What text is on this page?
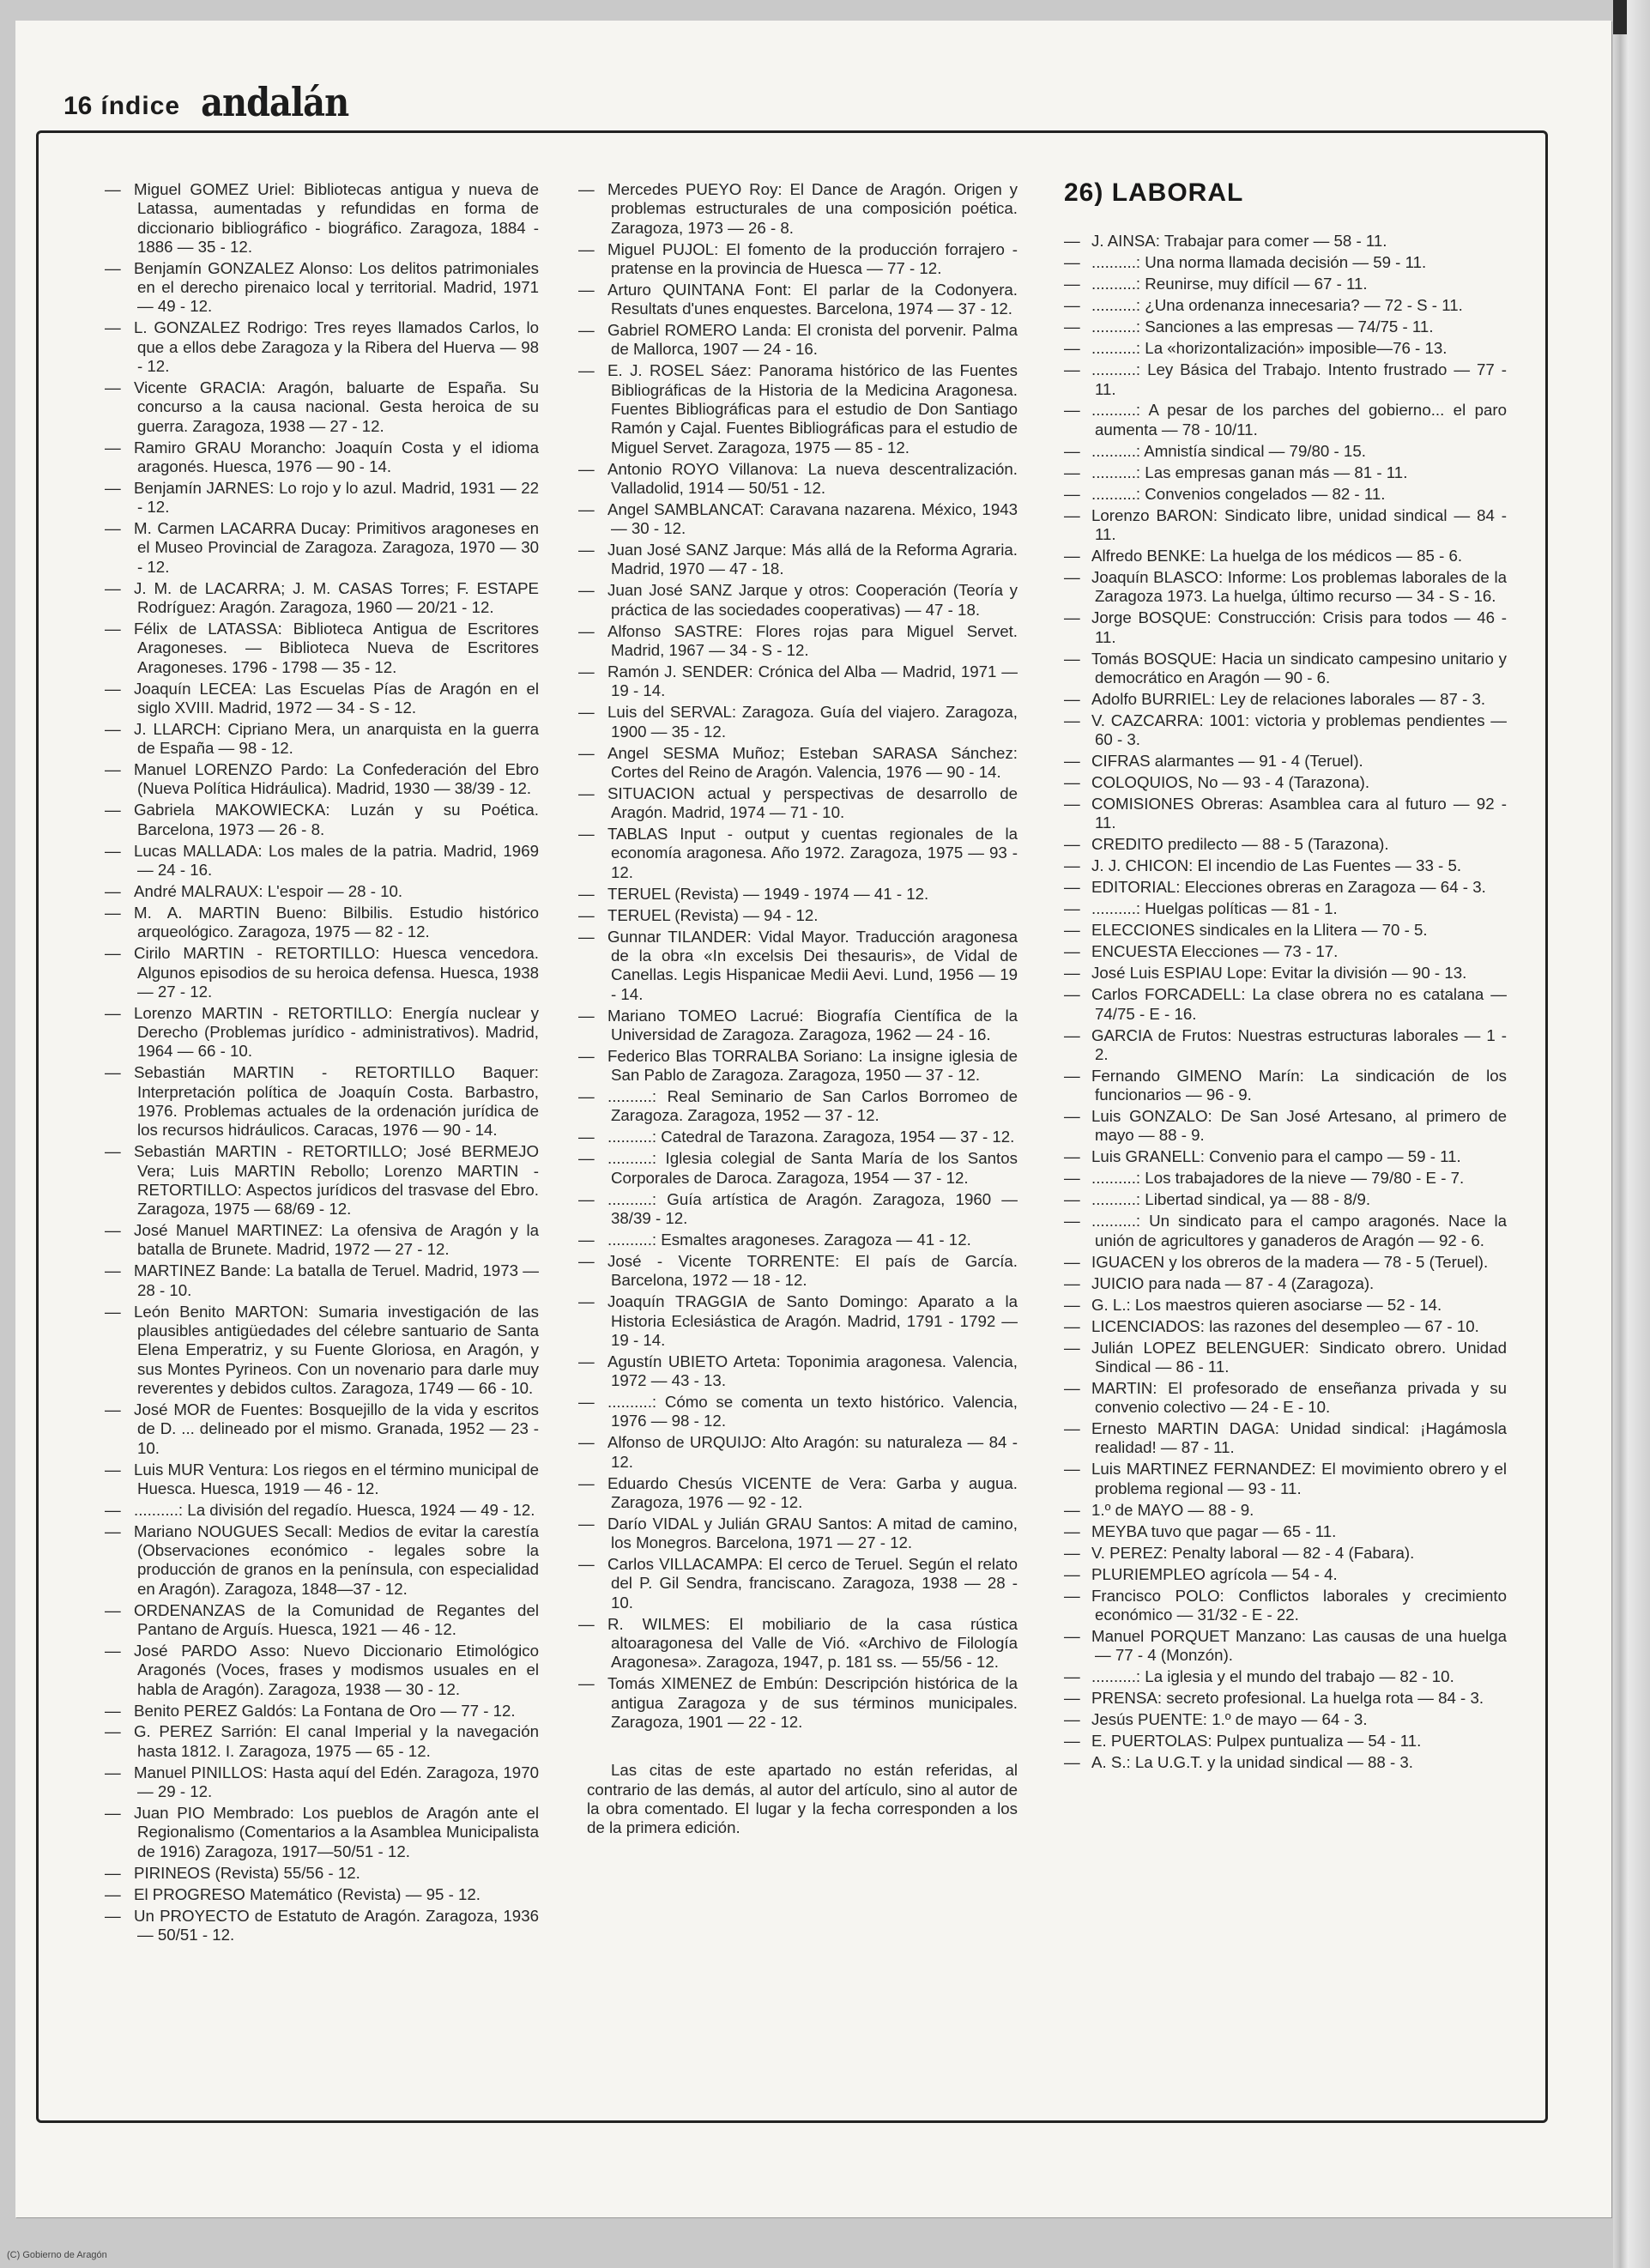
16 índice andalán

— Miguel GOMEZ Uriel: Bibliotecas antigua y nueva de Latassa, aumentadas y refundidas en forma de diccionario bibliográfico - biográfico. Zaragoza, 1884 - 1886 — 35 - 12.

— Benjamín GONZALEZ Alonso: Los delitos patrimoniales en el derecho pirenaico local y territorial. Madrid, 1971 — 49 - 12.

— L. GONZALEZ Rodrigo: Tres reyes llamados Carlos, lo que a ellos debe Zaragoza y la Ribera del Huerva — 98 - 12.

— Vicente GRACIA: Aragón, baluarte de España. Su concurso a la causa nacional. Gesta heroica de su guerra. Zaragoza, 1938 — 27 - 12.

— Ramiro GRAU Morancho: Joaquín Costa y el idioma aragonés. Huesca, 1976 — 90 - 14.

— Benjamín JARNES: Lo rojo y lo azul. Madrid, 1931 — 22 - 12.

— M. Carmen LACARRA Ducay: Primitivos aragoneses en el Museo Provincial de Zaragoza. Zaragoza, 1970 — 30 - 12.

— J. M. de LACARRA; J. M. CASAS Torres; F. ESTAPE Rodríguez: Aragón. Zaragoza, 1960 — 20/21 - 12.

— Félix de LATASSA: Biblioteca Antigua de Escritores Aragoneses. — Biblioteca Nueva de Escritores Aragoneses. 1796 - 1798 — 35 - 12.

— Joaquín LECEA: Las Escuelas Pías de Aragón en el siglo XVIII. Madrid, 1972 — 34 - S - 12.

— J. LLARCH: Cipriano Mera, un anarquista en la guerra de España — 98 - 12.

— Manuel LORENZO Pardo: La Confederación del Ebro (Nueva Política Hidráulica). Madrid, 1930 — 38/39 - 12.

— Gabriela MAKOWIECKA: Luzán y su Poética. Barcelona, 1973 — 26 - 8.

— Lucas MALLADA: Los males de la patria. Madrid, 1969 — 24 - 16.

— André MALRAUX: L'espoir — 28 - 10.

— M. A. MARTIN Bueno: Bilbilis. Estudio histórico arqueológico. Zaragoza, 1975 — 82 - 12.

— Cirilo MARTIN - RETORTILLO: Huesca vencedora. Algunos episodios de su heroica defensa. Huesca, 1938 — 27 - 12.

— Lorenzo MARTIN - RETORTILLO: Energía nuclear y Derecho (Problemas jurídico - administrativos). Madrid, 1964 — 66 - 10.

— Sebastián MARTIN - RETORTILLO Baquer: Interpretación política de Joaquín Costa. Barbastro, 1976. Problemas actuales de la ordenación jurídica de los recursos hidráulicos. Caracas, 1976 — 90 - 14.

— Sebastián MARTIN - RETORTILLO; José BERMEJO Vera; Luis MARTIN Rebollo; Lorenzo MARTIN - RETORTILLO: Aspectos jurídicos del trasvase del Ebro. Zaragoza, 1975 — 68/69 - 12.

— José Manuel MARTINEZ: La ofensiva de Aragón y la batalla de Brunete. Madrid, 1972 — 27 - 12.

— MARTINEZ Bande: La batalla de Teruel. Madrid, 1973 — 28 - 10.

— León Benito MARTON: Sumaria investigación de las plausibles antigüedades del célebre santuario de Santa Elena Emperatriz, y su Fuente Gloriosa, en Aragón, y sus Montes Pyrineos. Con un novenario para darle muy reverentes y debidos cultos. Zaragoza, 1749 — 66 - 10.

— José MOR de Fuentes: Bosquejillo de la vida y escritos de D. ... delineado por el mismo. Granada, 1952 — 23 - 10.

— Luis MUR Ventura: Los riegos en el término municipal de Huesca. Huesca, 1919 — 46 - 12.

— ..........: La división del regadío. Huesca, 1924 — 49 - 12.

— Mariano NOUGUES Secall: Medios de evitar la carestía (Observaciones económico - legales sobre la producción de granos en la península, con especialidad en Aragón). Zaragoza, 1848—37 - 12.

— ORDENANZAS de la Comunidad de Regantes del Pantano de Arguís. Huesca, 1921 — 46 - 12.

— José PARDO Asso: Nuevo Diccionario Etimológico Aragonés (Voces, frases y modismos usuales en el habla de Aragón). Zaragoza, 1938 — 30 - 12.

— Benito PEREZ Galdós: La Fontana de Oro — 77 - 12.

— G. PEREZ Sarrión: El canal Imperial y la navegación hasta 1812. I. Zaragoza, 1975 — 65 - 12.

— Manuel PINILLOS: Hasta aquí del Edén. Zaragoza, 1970 — 29 - 12.

— Juan PIO Membrado: Los pueblos de Aragón ante el Regionalismo (Comentarios a la Asamblea Municipalista de 1916) Zaragoza, 1917—50/51 - 12.

— PIRINEOS (Revista) 55/56 - 12.

— El PROGRESO Matemático (Revista) — 95 - 12.

— Un PROYECTO de Estatuto de Aragón. Zaragoza, 1936 — 50/51 - 12.

— Mercedes PUEYO Roy: El Dance de Aragón. Origen y problemas estructurales de una composición poética. Zaragoza, 1973 — 26 - 8.

— Miguel PUJOL: El fomento de la producción forrajero - pratense en la provincia de Huesca — 77 - 12.

— Arturo QUINTANA Font: El parlar de la Codonyera. Resultats d'unes enquestes. Barcelona, 1974 — 37 - 12.

— Gabriel ROMERO Landa: El cronista del porvenir. Palma de Mallorca, 1907 — 24 - 16.

— E. J. ROSEL Sáez: Panorama histórico de las Fuentes Bibliográficas de la Historia de la Medicina Aragonesa. Fuentes Bibliográficas para el estudio de Don Santiago Ramón y Cajal. Fuentes Bibliográficas para el estudio de Miguel Servet. Zaragoza, 1975 — 85 - 12.

— Antonio ROYO Villanova: La nueva descentralización. Valladolid, 1914 — 50/51 - 12.

— Angel SAMBLANCAT: Caravana nazarena. México, 1943 — 30 - 12.

— Juan José SANZ Jarque: Más allá de la Reforma Agraria. Madrid, 1970 — 47 - 18.

— Juan José SANZ Jarque y otros: Cooperación (Teoría y práctica de las sociedades cooperativas) — 47 - 18.

— Alfonso SASTRE: Flores rojas para Miguel Servet. Madrid, 1967 — 34 - S - 12.

— Ramón J. SENDER: Crónica del Alba — Madrid, 1971 — 19 - 14.

— Luis del SERVAL: Zaragoza. Guía del viajero. Zaragoza, 1900 — 35 - 12.

— Angel SESMA Muñoz; Esteban SARASA Sánchez: Cortes del Reino de Aragón. Valencia, 1976 — 90 - 14.

— SITUACION actual y perspectivas de desarrollo de Aragón. Madrid, 1974 — 71 - 10.

— TABLAS Input - output y cuentas regionales de la economía aragonesa. Año 1972. Zaragoza, 1975 — 93 - 12.

— TERUEL (Revista) — 1949 - 1974 — 41 - 12.

— TERUEL (Revista) — 94 - 12.

— Gunnar TILANDER: Vidal Mayor. Traducción aragonesa de la obra «In excelsis Dei thesauris», de Vidal de Canellas. Legis Hispanicae Medii Aevi. Lund, 1956 — 19 - 14.

— Mariano TOMEO Lacrué: Biografía Científica de la Universidad de Zaragoza. Zaragoza, 1962 — 24 - 16.

— Federico Blas TORRALBA Soriano: La insigne iglesia de San Pablo de Zaragoza. Zaragoza, 1950 — 37 - 12.

— ..........: Real Seminario de San Carlos Borromeo de Zaragoza. Zaragoza, 1952 — 37 - 12.

— ..........: Catedral de Tarazona. Zaragoza, 1954 — 37 - 12.

— ..........: Iglesia colegial de Santa María de los Santos Corporales de Daroca. Zaragoza, 1954 — 37 - 12.

— ..........: Guía artística de Aragón. Zaragoza, 1960 — 38/39 - 12.

— ..........: Esmaltes aragoneses. Zaragoza — 41 - 12.

— José - Vicente TORRENTE: El país de García. Barcelona, 1972 — 18 - 12.

— Joaquín TRAGGIA de Santo Domingo: Aparato a la Historia Eclesiástica de Aragón. Madrid, 1791 - 1792 — 19 - 14.

— Agustín UBIETO Arteta: Toponimia aragonesa. Valencia, 1972 — 43 - 13.

— ..........: Cómo se comenta un texto histórico. Valencia, 1976 — 98 - 12.

— Alfonso de URQUIJO: Alto Aragón: su naturaleza — 84 - 12.

— Eduardo Chesús VICENTE de Vera: Garba y augua. Zaragoza, 1976 — 92 - 12.

— Darío VIDAL y Julián GRAU Santos: A mitad de camino, los Monegros. Barcelona, 1971 — 27 - 12.

— Carlos VILLACAMPA: El cerco de Teruel. Según el relato del P. Gil Sendra, franciscano. Zaragoza, 1938 — 28 - 10.

— R. WILMES: El mobiliario de la casa rústica altoaragonesa del Valle de Vió. «Archivo de Filología Aragonesa». Zaragoza, 1947, p. 181 ss. — 55/56 - 12.

— Tomás XIMENEZ de Embún: Descripción histórica de la antigua Zaragoza y de sus términos municipales. Zaragoza, 1901 — 22 - 12.

Las citas de este apartado no están referidas, al contrario de las demás, al autor del artículo, sino al autor de la obra comentado. El lugar y la fecha corresponden a los de la primera edición.

26) LABORAL

— J. AINSA: Trabajar para comer — 58 - 11.

— ..........: Una norma llamada decisión — 59 - 11.

— ..........: Reunirse, muy difícil — 67 - 11.

— ..........: ¿Una ordenanza innecesaria? — 72 - S - 11.

— ..........: Sanciones a las empresas — 74/75 - 11.

— ..........: La «horizontalización» imposible—76 - 13.

— ..........: Ley Básica del Trabajo. Intento frustrado — 77 - 11.

— ..........: A pesar de los parches del gobierno... el paro aumenta — 78 - 10/11.

— ..........: Amnistía sindical — 79/80 - 15.

— ..........: Las empresas ganan más — 81 - 11.

— ..........: Convenios congelados — 82 - 11.

— Lorenzo BARON: Sindicato libre, unidad sindical — 84 - 11.

— Alfredo BENKE: La huelga de los médicos — 85 - 6.

— Joaquín BLASCO: Informe: Los problemas laborales de la Zaragoza 1973. La huelga, último recurso — 34 - S - 16.

— Jorge BOSQUE: Construcción: Crisis para todos — 46 - 11.

— Tomás BOSQUE: Hacia un sindicato campesino unitario y democrático en Aragón — 90 - 6.

— Adolfo BURRIEL: Ley de relaciones laborales — 87 - 3.

— V. CAZCARRA: 1001: victoria y problemas pendientes — 60 - 3.

— CIFRAS alarmantes — 91 - 4 (Teruel).

— COLOQUIOS, No — 93 - 4 (Tarazona).

— COMISIONES Obreras: Asamblea cara al futuro — 92 - 11.

— CREDITO predilecto — 88 - 5 (Tarazona).

— J. J. CHICON: El incendio de Las Fuentes — 33 - 5.

— EDITORIAL: Elecciones obreras en Zaragoza — 64 - 3.

— ..........: Huelgas políticas — 81 - 1.

— ELECCIONES sindicales en la Llitera — 70 - 5.

— ENCUESTA Elecciones — 73 - 17.

— José Luis ESPIAU Lope: Evitar la división — 90 - 13.

— Carlos FORCADELL: La clase obrera no es catalana — 74/75 - E - 16.

— GARCIA de Frutos: Nuestras estructuras laborales — 1 - 2.

— Fernando GIMENO Marín: La sindicación de los funcionarios — 96 - 9.

— Luis GONZALO: De San José Artesano, al primero de mayo — 88 - 9.

— Luis GRANELL: Convenio para el campo — 59 - 11.

— ..........: Los trabajadores de la nieve — 79/80 - E - 7.

— ..........: Libertad sindical, ya — 88 - 8/9.

— ..........: Un sindicato para el campo aragonés. Nace la unión de agricultores y ganaderos de Aragón — 92 - 6.

— IGUACEN y los obreros de la madera — 78 - 5 (Teruel).

— JUICIO para nada — 87 - 4 (Zaragoza).

— G. L.: Los maestros quieren asociarse — 52 - 14.

— LICENCIADOS: las razones del desempleo — 67 - 10.

— Julián LOPEZ BELENGUER: Sindicato obrero. Unidad Sindical — 86 - 11.

— MARTIN: El profesorado de enseñanza privada y su convenio colectivo — 24 - E - 10.

— Ernesto MARTIN DAGA: Unidad sindical: ¡Hagámosla realidad! — 87 - 11.

— Luis MARTINEZ FERNANDEZ: El movimiento obrero y el problema regional — 93 - 11.

— 1.º de MAYO — 88 - 9.

— MEYBA tuvo que pagar — 65 - 11.

— V. PEREZ: Penalty laboral — 82 - 4 (Fabara).

— PLURIEMPLEO agrícola — 54 - 4.

— Francisco POLO: Conflictos laborales y crecimiento económico — 31/32 - E - 22.

— Manuel PORQUET Manzano: Las causas de una huelga — 77 - 4 (Monzón).

— ..........: La iglesia y el mundo del trabajo — 82 - 10.

— PRENSA: secreto profesional. La huelga rota — 84 - 3.

— Jesús PUENTE: 1.º de mayo — 64 - 3.

— E. PUERTOLAS: Pulpex puntualiza — 54 - 11.

— A. S.: La U.G.T. y la unidad sindical — 88 - 3.

(C) Gobierno de Aragón
